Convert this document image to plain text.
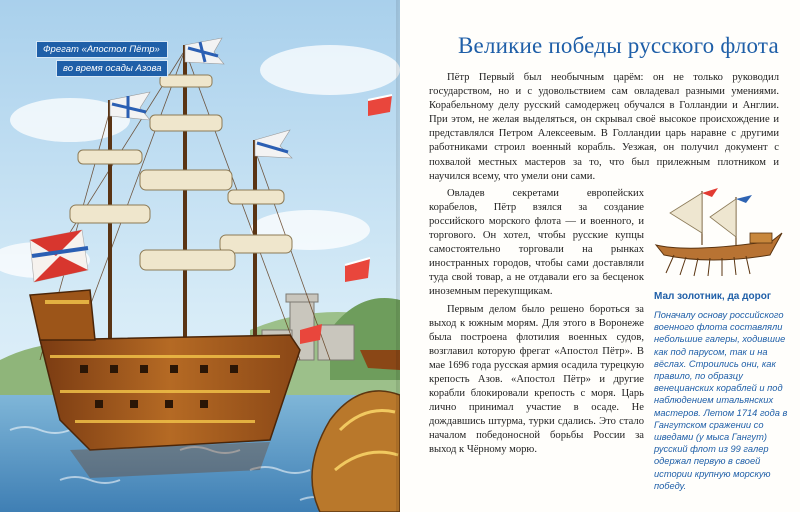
Фрегат «Апостол Пётр»
во время осады Азова
Великие победы русского флота

Пётр Первый был необычным царём: он не только руководил государством, но и с удовольствием сам овладевал разными умениями. Корабельному делу русский самодержец обучался в Голландии и Англии. При этом, не желая выделяться, он скрывал своё высокое происхождение и представлялся Петром Алексеевым. В Голландии царь наравне с другими работниками строил военный корабль. Уезжая, он получил документ с похвалой местных мастеров за то, что был прилежным плотником и научился всему, что умели они сами.

Овладев секретами европейских корабелов, Пётр взялся за создание российского морского флота — и военного, и торгового. Он хотел, чтобы русские купцы самостоятельно торговали на рынках иностранных городов, чтобы сами доставляли туда свой товар, а не отдавали его за бесценок иноземным перекупщикам.

Первым делом было решено бороться за выход к южным морям. Для этого в Воронеже была построена флотилия военных судов, возглавил которую фрегат «Апостол Пётр». В мае 1696 года русская армия осадила турецкую крепость Азов. «Апостол Пётр» и другие корабли блокировали крепость с моря. Царь лично принимал участие в осаде. Не дождавшись штурма, турки сдались. Это стало началом победоносной борьбы России за выход к Чёрному морю.

Мал золотник, да дорог
Поначалу основу российского военного флота составляли небольшие галеры, ходившие как под парусом, так и на вёслах. Строились они, как правило, по образцу венецианских кораблей и под наблюдением итальянских мастеров. Летом 1714 года в Гангутском сражении со шведами (у мыса Гангут) русский флот из 99 галер одержал первую в своей истории крупную морскую победу.
